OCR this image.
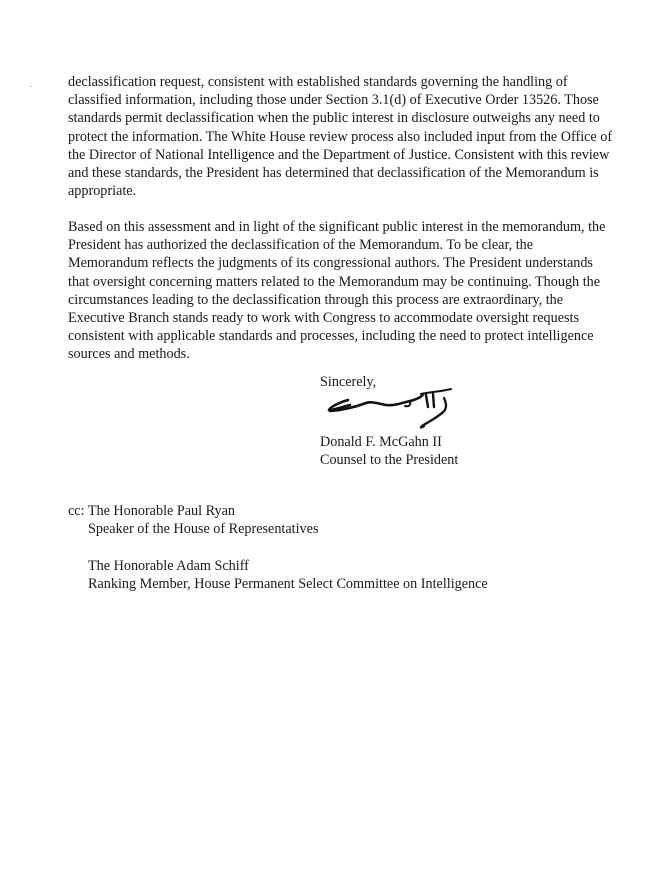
declassification request, consistent with established standards governing the handling of
classified information, including those under Section 3.1(d) of Executive Order 13526. Those
standards permit declassification when the public interest in disclosure outweighs any need to
protect the information. The White House review process also included input from the Office of
the Director of National Intelligence and the Department of Justice. Consistent with this review
and these standards, the President has determined that declassification of the Memorandum is
appropriate.

Based on this assessment and in light of the significant public interest in the memorandum, the
President has authorized the declassification of the Memorandum. To be clear, the
Memorandum reflects the judgments of its congressional authors. The President understands
that oversight concerning matters related to the Memorandum may be continuing. Though the
circumstances leading to the declassification through this process are extraordinary, the
Executive Branch stands ready to work with Congress to accommodate oversight requests
consistent with applicable standards and processes, including the need to protect intelligence
sources and methods.

Sincerely,
Donald F. McGahn II
Counsel to the President
cc: The Honorable Paul Ryan
Speaker of the House of Representatives
The Honorable Adam Schiff
Ranking Member, House Permanent Select Committee on Intelligence
